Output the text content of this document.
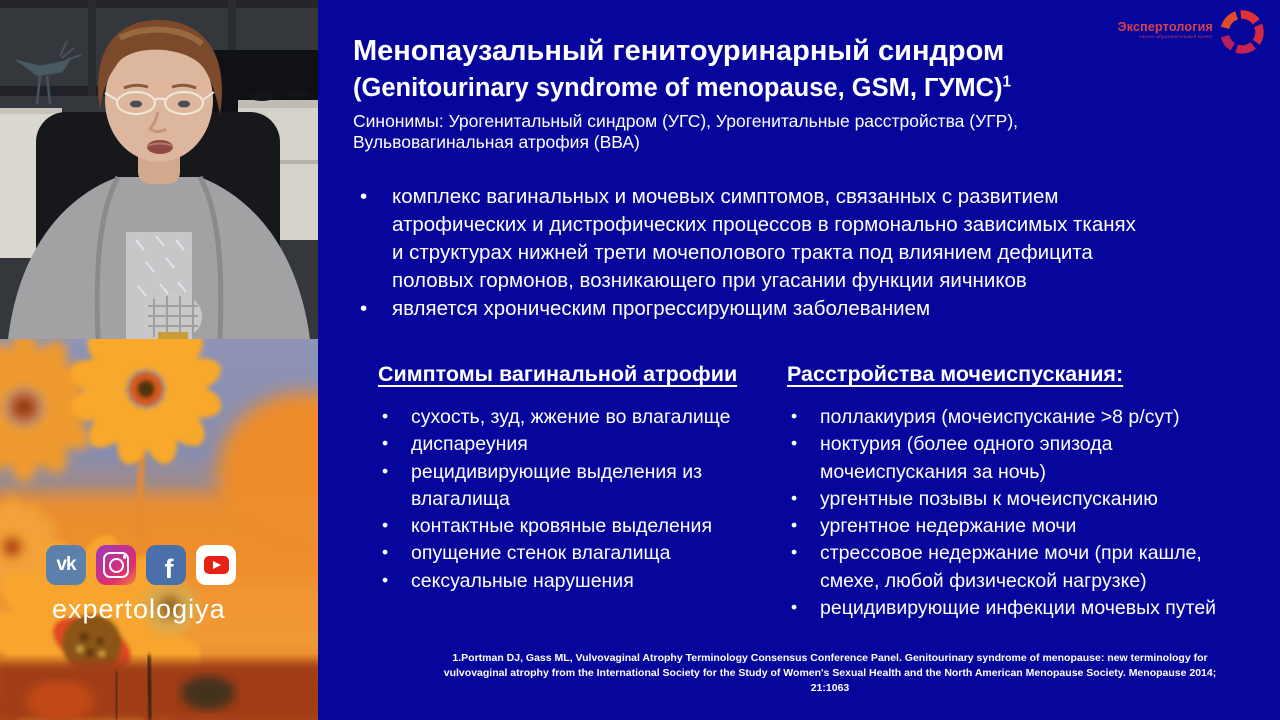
vk	f
expertologiya
Экспертология
научно-образовательный проект
Менопаузальный генитоуринарный синдром
(Genitourinary syndrome of menopause, GSM, ГУМС)$^1$
Синонимы: Урогенитальный синдром (УГС), Урогенитальные расстройства (УГР),
Вульвовагинальная атрофия (ВВА)
• комплекс вагинальных и мочевых симптомов, связанных с развитием атрофических и дистрофических процессов в гормонально зависимых тканях и структурах нижней трети мочеполового тракта под влиянием дефицита половых гормонов, возникающего при угасании функции яичников
• является хроническим прогрессирующим заболеванием
Симптомы вагинальной атрофии
• сухость, зуд, жжение во влагалище
• диспареуния
• рецидивирующие выделения из влагалища
• контактные кровяные выделения
• опущение стенок влагалища
• сексуальные нарушения
Расстройства мочеиспускания:
• поллакиурия (мочеиспускание >8 р/сут)
• ноктурия (более одного эпизода мочеиспускания за ночь)
• ургентные позывы к мочеиспусканию
• ургентное недержание мочи
• стрессовое недержание мочи (при кашле, смехе, любой физической нагрузке)
• рецидивирующие инфекции мочевых путей
1.Portman DJ, Gass ML, Vulvovaginal Atrophy Terminology Consensus Conference Panel. Genitourinary syndrome of menopause: new terminology for vulvovaginal atrophy from the International Society for the Study of Women's Sexual Health and the North American Menopause Society. Menopause 2014; 21:1063
